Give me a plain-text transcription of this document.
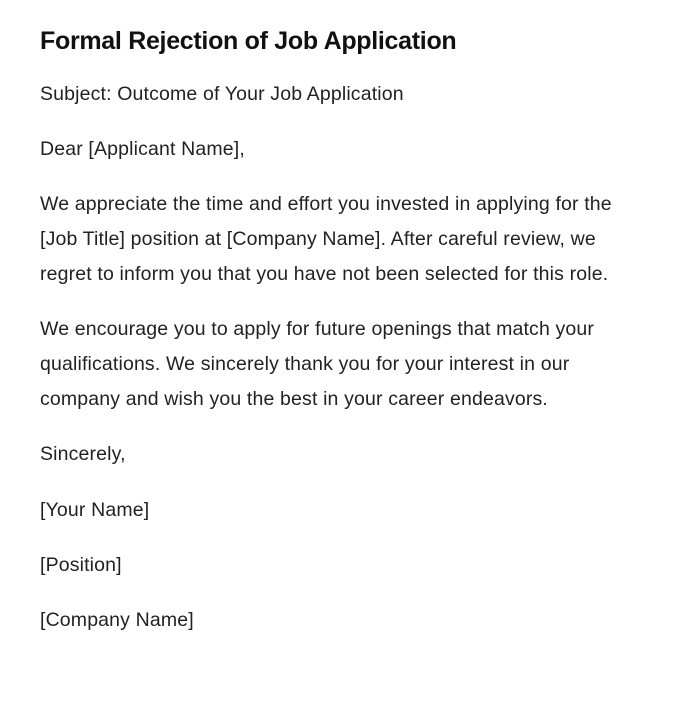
Formal Rejection of Job Application

Subject: Outcome of Your Job Application

Dear [Applicant Name],

We appreciate the time and effort you invested in applying for the [Job Title] position at [Company Name]. After careful review, we regret to inform you that you have not been selected for this role.

We encourage you to apply for future openings that match your qualifications. We sincerely thank you for your interest in our company and wish you the best in your career endeavors.

Sincerely,

[Your Name]

[Position]

[Company Name]
